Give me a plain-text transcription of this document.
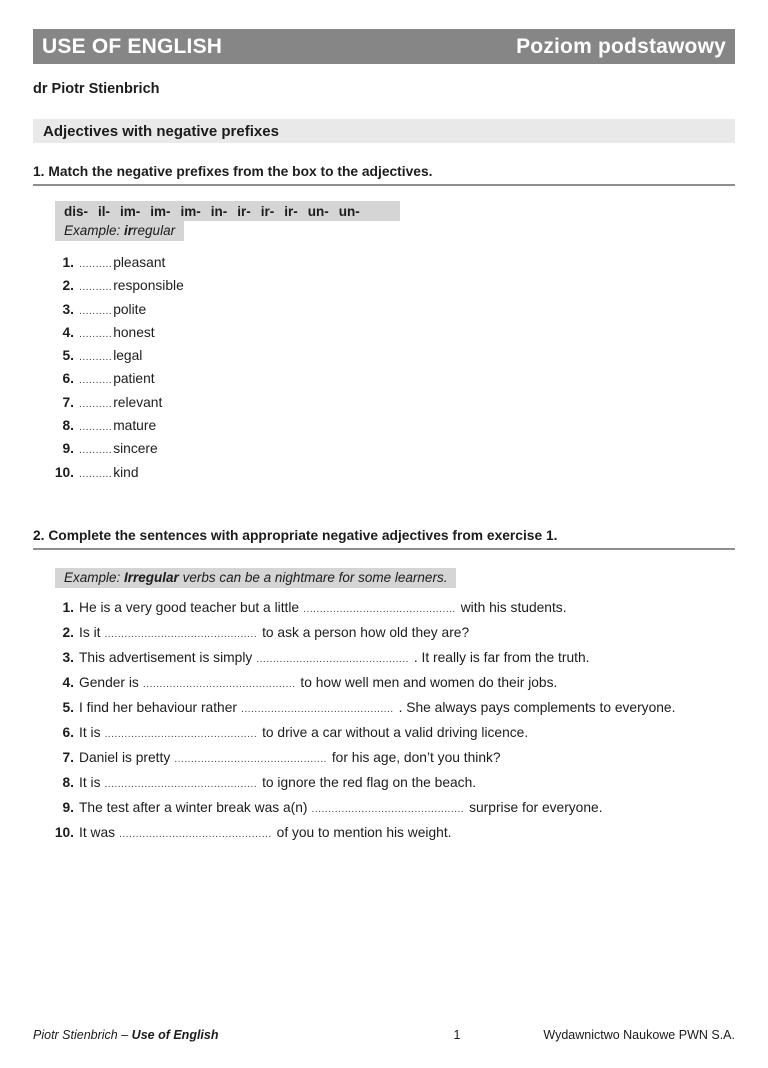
USE OF ENGLISH	Poziom podstawowy
dr Piotr Stienbrich
Adjectives with negative prefixes
1. Match the negative prefixes from the box to the adjectives.
dis- il- im- im- im- in- ir- ir- ir- un- un-
Example: irregular
1. .......... pleasant
2. .......... responsible
3. .......... polite
4. .......... honest
5. .......... legal
6. .......... patient
7. .......... relevant
8. .......... mature
9. .......... sincere
10. .......... kind
2. Complete the sentences with appropriate negative adjectives from exercise 1.
Example: Irregular verbs can be a nightmare for some learners.
1. He is a very good teacher but a little .............................................. with his students.
2. Is it .............................................. to ask a person how old they are?
3. This advertisement is simply .............................................. . It really is far from the truth.
4. Gender is .............................................. to how well men and women do their jobs.
5. I find her behaviour rather .............................................. . She always pays complements to everyone.
6. It is .............................................. to drive a car without a valid driving licence.
7. Daniel is pretty .............................................. for his age, don’t you think?
8. It is .............................................. to ignore the red flag on the beach.
9. The test after a winter break was a(n) .............................................. surprise for everyone.
10. It was .............................................. of you to mention his weight.
Piotr Stienbrich – Use of English	1	Wydawnictwo Naukowe PWN S.A.
